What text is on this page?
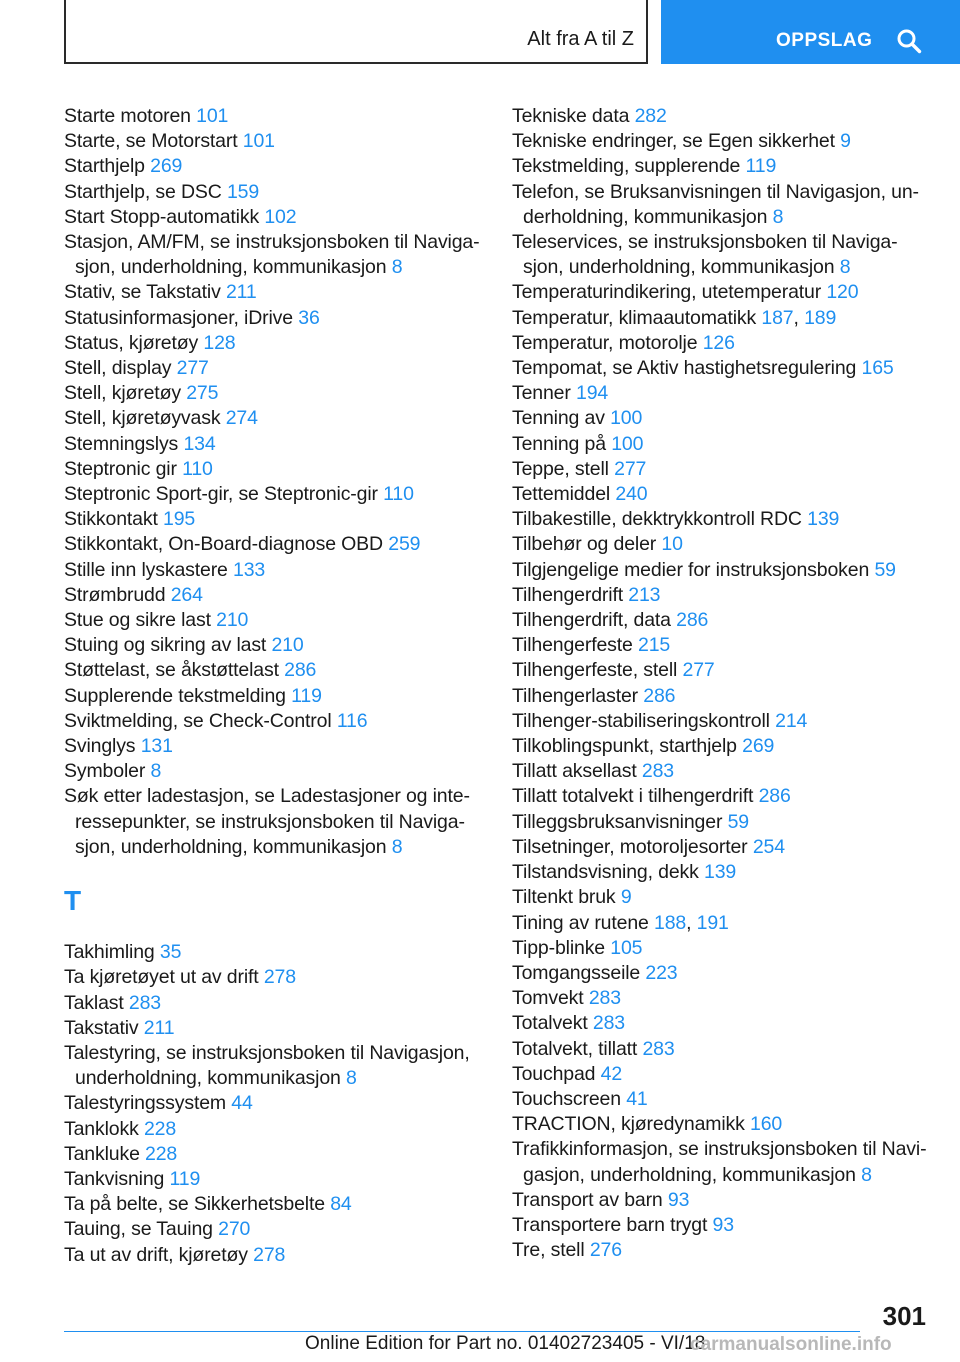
Alt fra A til Z	OPPSLAG
Starte motoren 101
Starte, se Motorstart 101
Starthjelp 269
Starthjelp, se DSC 159
Start Stopp-automatikk 102
Stasjon, AM/FM, se instruksjonsboken til Naviga-sjon, underholdning, kommunikasjon 8
Stativ, se Takstativ 211
Statusinformasjoner, iDrive 36
Status, kjøretøy 128
Stell, display 277
Stell, kjøretøy 275
Stell, kjøretøyvask 274
Stemningslys 134
Steptronic gir 110
Steptronic Sport-gir, se Steptronic-gir 110
Stikkontakt 195
Stikkontakt, On-Board-diagnose OBD 259
Stille inn lyskastere 133
Strømbrudd 264
Stue og sikre last 210
Stuing og sikring av last 210
Støttelast, se åkstøttelast 286
Supplerende tekstmelding 119
Sviktmelding, se Check-Control 116
Svinglys 131
Symboler 8
Søk etter ladestasjon, se Ladestasjoner og inte-ressepunkter, se instruksjonsboken til Naviga-sjon, underholdning, kommunikasjon 8
T
Takhimling 35
Ta kjøretøyet ut av drift 278
Taklast 283
Takstativ 211
Talestyring, se instruksjonsboken til Navigasjon, underholdning, kommunikasjon 8
Talestyringssystem 44
Tanklokk 228
Tankluke 228
Tankvisning 119
Ta på belte, se Sikkerhetsbelte 84
Tauing, se Tauing 270
Ta ut av drift, kjøretøy 278
Tekniske data 282
Tekniske endringer, se Egen sikkerhet 9
Tekstmelding, supplerende 119
Telefon, se Bruksanvisningen til Navigasjon, un-derholdning, kommunikasjon 8
Teleservices, se instruksjonsboken til Naviga-sjon, underholdning, kommunikasjon 8
Temperaturindikering, utetemperatur 120
Temperatur, klimaautomatikk 187, 189
Temperatur, motorolje 126
Tempomat, se Aktiv hastighetsregulering 165
Tenner 194
Tenning av 100
Tenning på 100
Teppe, stell 277
Tettemiddel 240
Tilbakestille, dekktrykkontroll RDC 139
Tilbehør og deler 10
Tilgjengelige medier for instruksjonsboken 59
Tilhengerdrift 213
Tilhengerdrift, data 286
Tilhengerfeste 215
Tilhengerfeste, stell 277
Tilhengerlaster 286
Tilhenger-stabiliseringskontroll 214
Tilkoblingspunkt, starthjelp 269
Tillatt aksellast 283
Tillatt totalvekt i tilhengerdrift 286
Tilleggsbruksanvisninger 59
Tilsetninger, motoroljesorter 254
Tilstandsvisning, dekk 139
Tiltenkt bruk 9
Tining av rutene 188, 191
Tipp-blinke 105
Tomgangsseile 223
Tomvekt 283
Totalvekt 283
Totalvekt, tillatt 283
Touchpad 42
Touchscreen 41
TRACTION, kjøredynamikk 160
Trafikkinformasjon, se instruksjonsboken til Navi-gasjon, underholdning, kommunikasjon 8
Transport av barn 93
Transportere barn trygt 93
Tre, stell 276
301
Online Edition for Part no. 01402723405 - VI/18
carmanualsonline.info
